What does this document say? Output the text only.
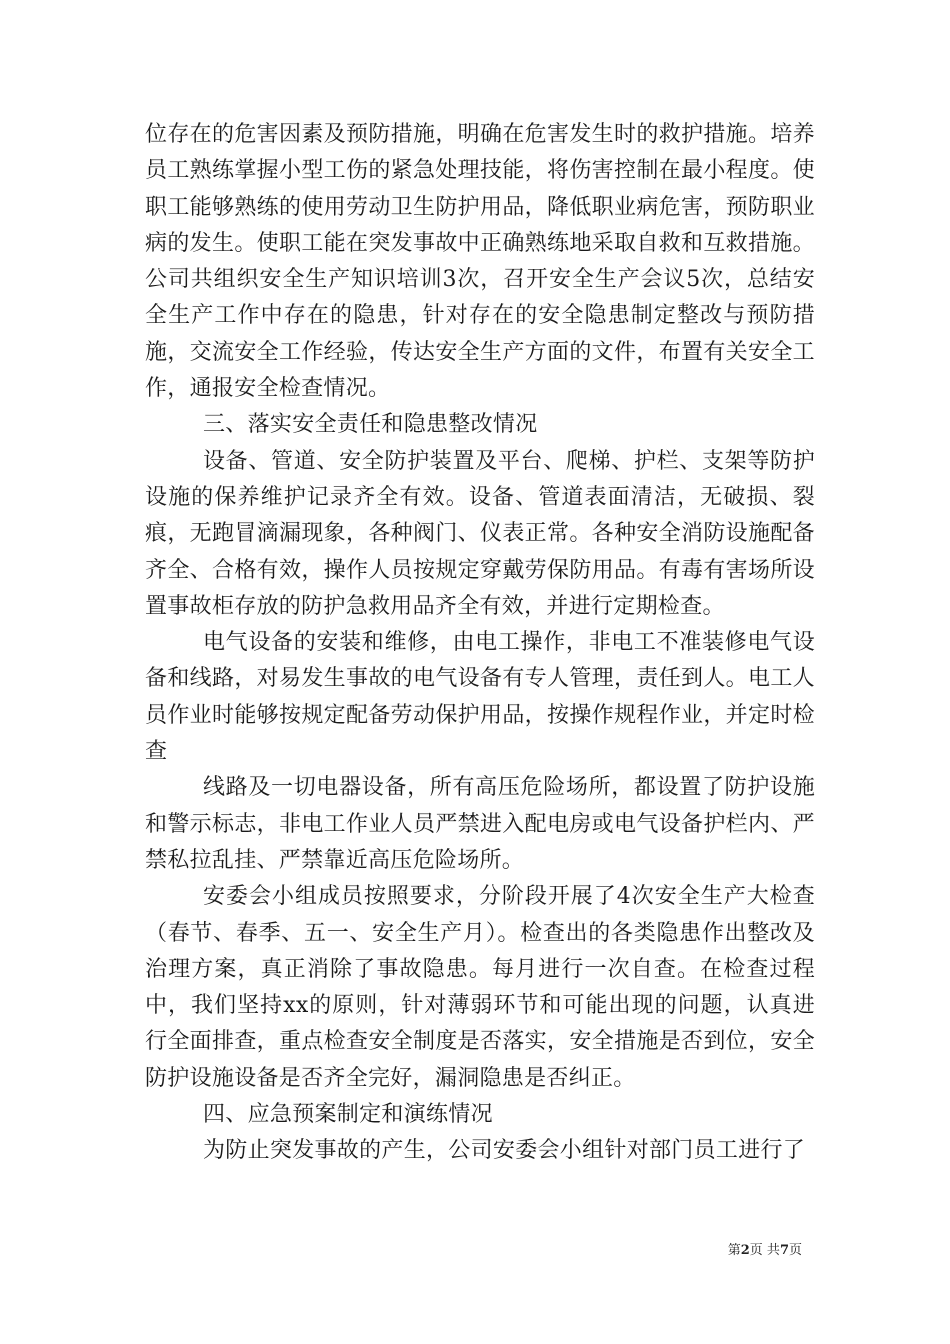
位存在的危害因素及预防措施，明确在危害发生时的救护措施。培养员工熟练掌握小型工伤的紧急处理技能，将伤害控制在最小程度。使职工能够熟练的使用劳动卫生防护用品，降低职业病危害，预防职业病的发生。使职工能在突发事故中正确熟练地采取自救和互救措施。公司共组织安全生产知识培训3次，召开安全生产会议5次，总结安全生产工作中存在的隐患，针对存在的安全隐患制定整改与预防措施，交流安全工作经验，传达安全生产方面的文件，布置有关安全工作，通报安全检查情况。

三、落实安全责任和隐患整改情况

设备、管道、安全防护装置及平台、爬梯、护栏、支架等防护设施的保养维护记录齐全有效。设备、管道表面清洁，无破损、裂痕，无跑冒滴漏现象，各种阀门、仪表正常。各种安全消防设施配备齐全、合格有效，操作人员按规定穿戴劳保防用品。有毒有害场所设置事故柜存放的防护急救用品齐全有效，并进行定期检查。

电气设备的安装和维修，由电工操作，非电工不准装修电气设备和线路，对易发生事故的电气设备有专人管理，责任到人。电工人员作业时能够按规定配备劳动保护用品，按操作规程作业，并定时检查

线路及一切电器设备，所有高压危险场所，都设置了防护设施和警示标志，非电工作业人员严禁进入配电房或电气设备护栏内、严禁私拉乱挂、严禁靠近高压危险场所。

安委会小组成员按照要求，分阶段开展了4次安全生产大检查（春节、春季、五一、安全生产月）。检查出的各类隐患作出整改及治理方案，真正消除了事故隐患。每月进行一次自查。在检查过程中，我们坚持xx的原则，针对薄弱环节和可能出现的问题，认真进行全面排查，重点检查安全制度是否落实，安全措施是否到位，安全防护设施设备是否齐全完好，漏洞隐患是否纠正。

四、应急预案制定和演练情况

为防止突发事故的产生，公司安委会小组针对部门员工进行了

第2页 共7页
